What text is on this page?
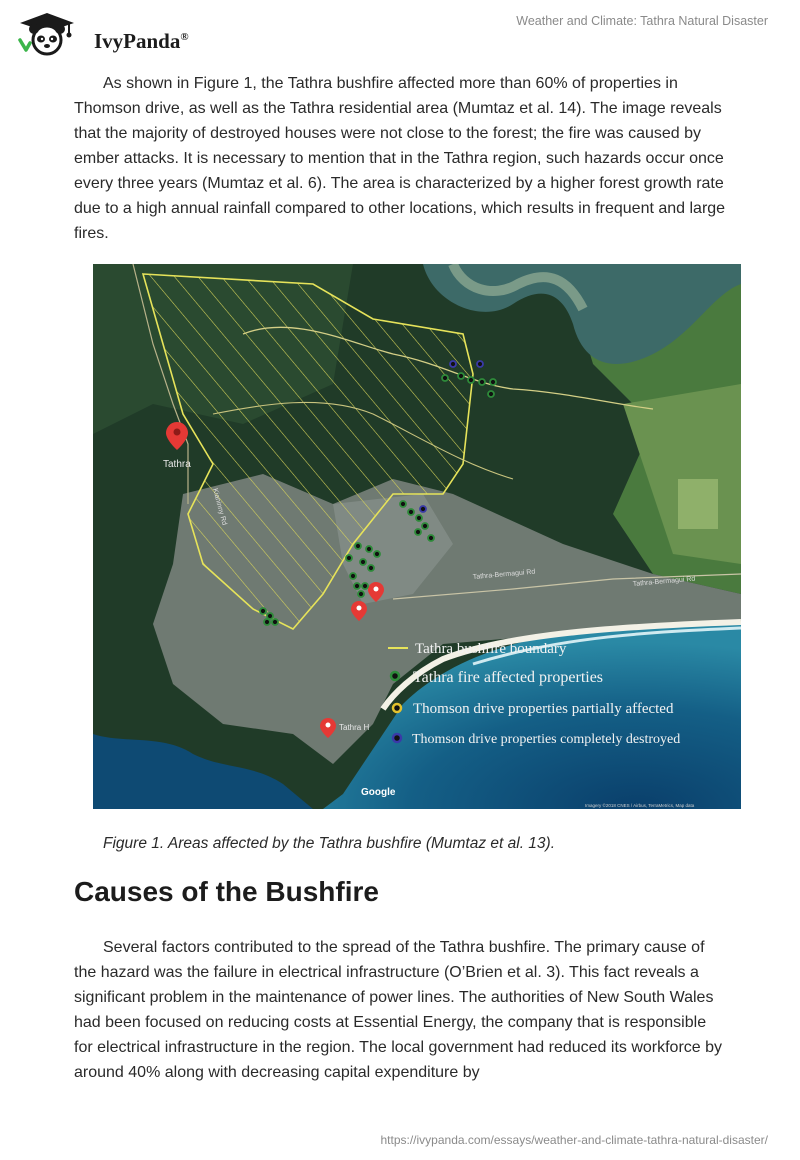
IvyPanda®
Weather and Climate: Tathra Natural Disaster

As shown in Figure 1, the Tathra bushfire affected more than 60% of properties in Thomson drive, as well as the Tathra residential area (Mumtaz et al. 14). The image reveals that the majority of destroyed houses were not close to the forest; the fire was caused by ember attacks. It is necessary to mention that in the Tathra region, such hazards occur once every three years (Mumtaz et al. 6). The area is characterized by a higher forest growth rate due to a high annual rainfall compared to other locations, which results in frequent and large fires.

Tathra
Tathra H
Kianinny Rd
Tathra-Bermagui Rd
Tathra-Bermagui Rd
Tathra bushfire boundary
Tathra fire affected properties
Thomson drive properties partially affected
Thomson drive properties completely destroyed
Google
Imagery ©2018 CNES / Airbus, TerraMetrics, Map data
Figure 1. Areas affected by the Tathra bushfire (Mumtaz et al. 13).
Causes of the Bushfire

Several factors contributed to the spread of the Tathra bushfire. The primary cause of the hazard was the failure in electrical infrastructure (O’Brien et al. 3). This fact reveals a significant problem in the maintenance of power lines. The authorities of New South Wales had been focused on reducing costs at Essential Energy, the company that is responsible for electrical infrastructure in the region. The local government had reduced its workforce by around 40% along with decreasing capital expenditure by

https://ivypanda.com/essays/weather-and-climate-tathra-natural-disaster/
